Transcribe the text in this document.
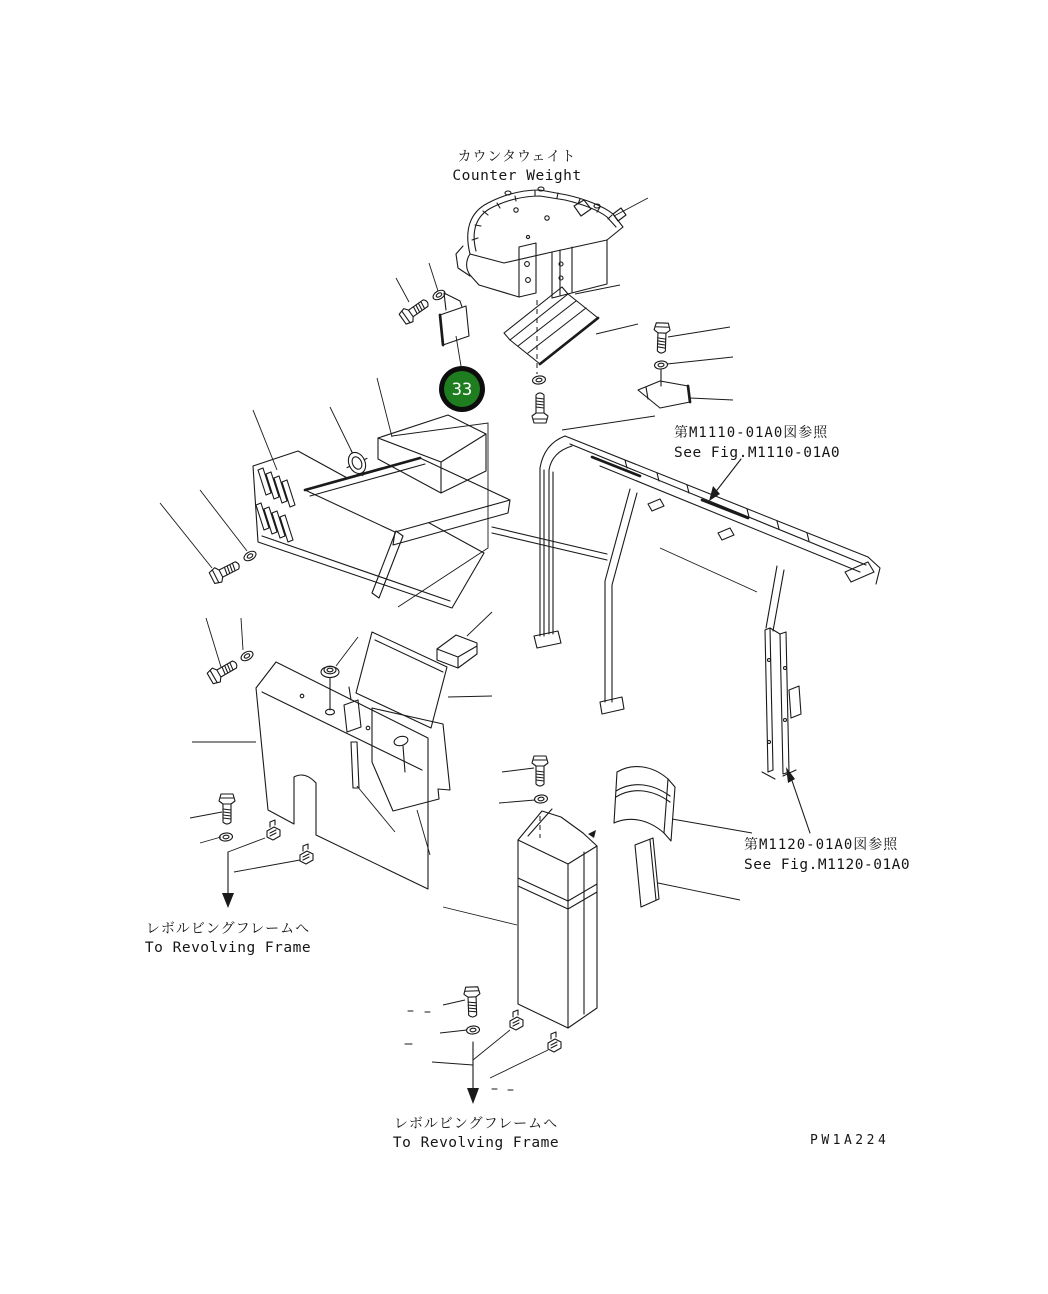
33
カウンタウェイト
Counter Weight
第M1110-01A0図参照
See Fig.M1110-01A0
第M1120-01A0図参照
See Fig.M1120-01A0
レボルビングフレームへ
To Revolving Frame
レボルビングフレームへ
To Revolving Frame	PW1A224
